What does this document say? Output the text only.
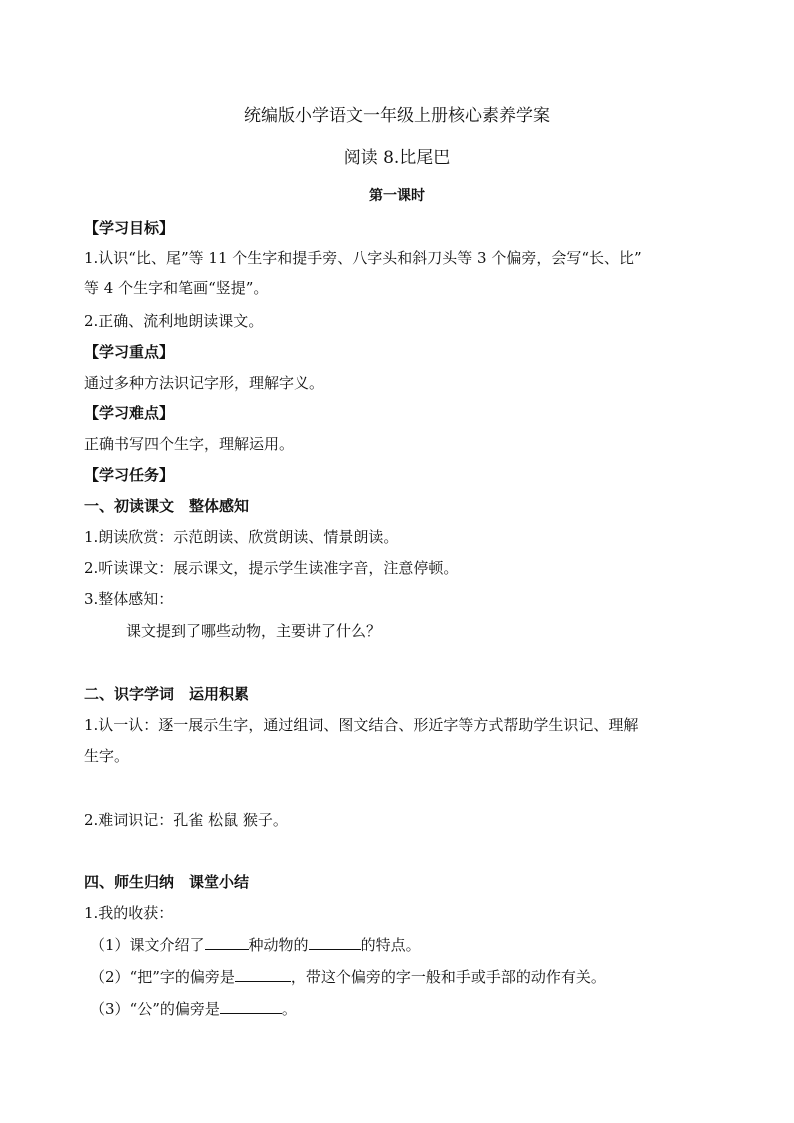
统编版小学语文一年级上册核心素养学案
阅读 8.比尾巴
第一课时
【学习目标】
1.认识“比、尾”等 11 个生字和提手旁、八字头和斜刀头等 3 个偏旁，会写“长、比”
等 4 个生字和笔画“竖提”。
2.正确、流利地朗读课文。
【学习重点】
通过多种方法识记字形，理解字义。
【学习难点】
正确书写四个生字，理解运用。
【学习任务】
一、初读课文　整体感知
1.朗读欣赏：示范朗读、欣赏朗读、情景朗读。
2.听读课文：展示课文，提示学生读准字音，注意停顿。
3.整体感知：
课文提到了哪些动物，主要讲了什么？
二、识字学词　运用积累
1.认一认：逐一展示生字，通过组词、图文结合、形近字等方式帮助学生识记、理解
生字。
2.难词识记：孔雀 松鼠 猴子。
四、师生归纳　课堂小结
1.我的收获：
（1）课文介绍了	种动物的	的特点。
（2）“把”字的偏旁是	，带这个偏旁的字一般和手或手部的动作有关。
（3）“公”的偏旁是	。
